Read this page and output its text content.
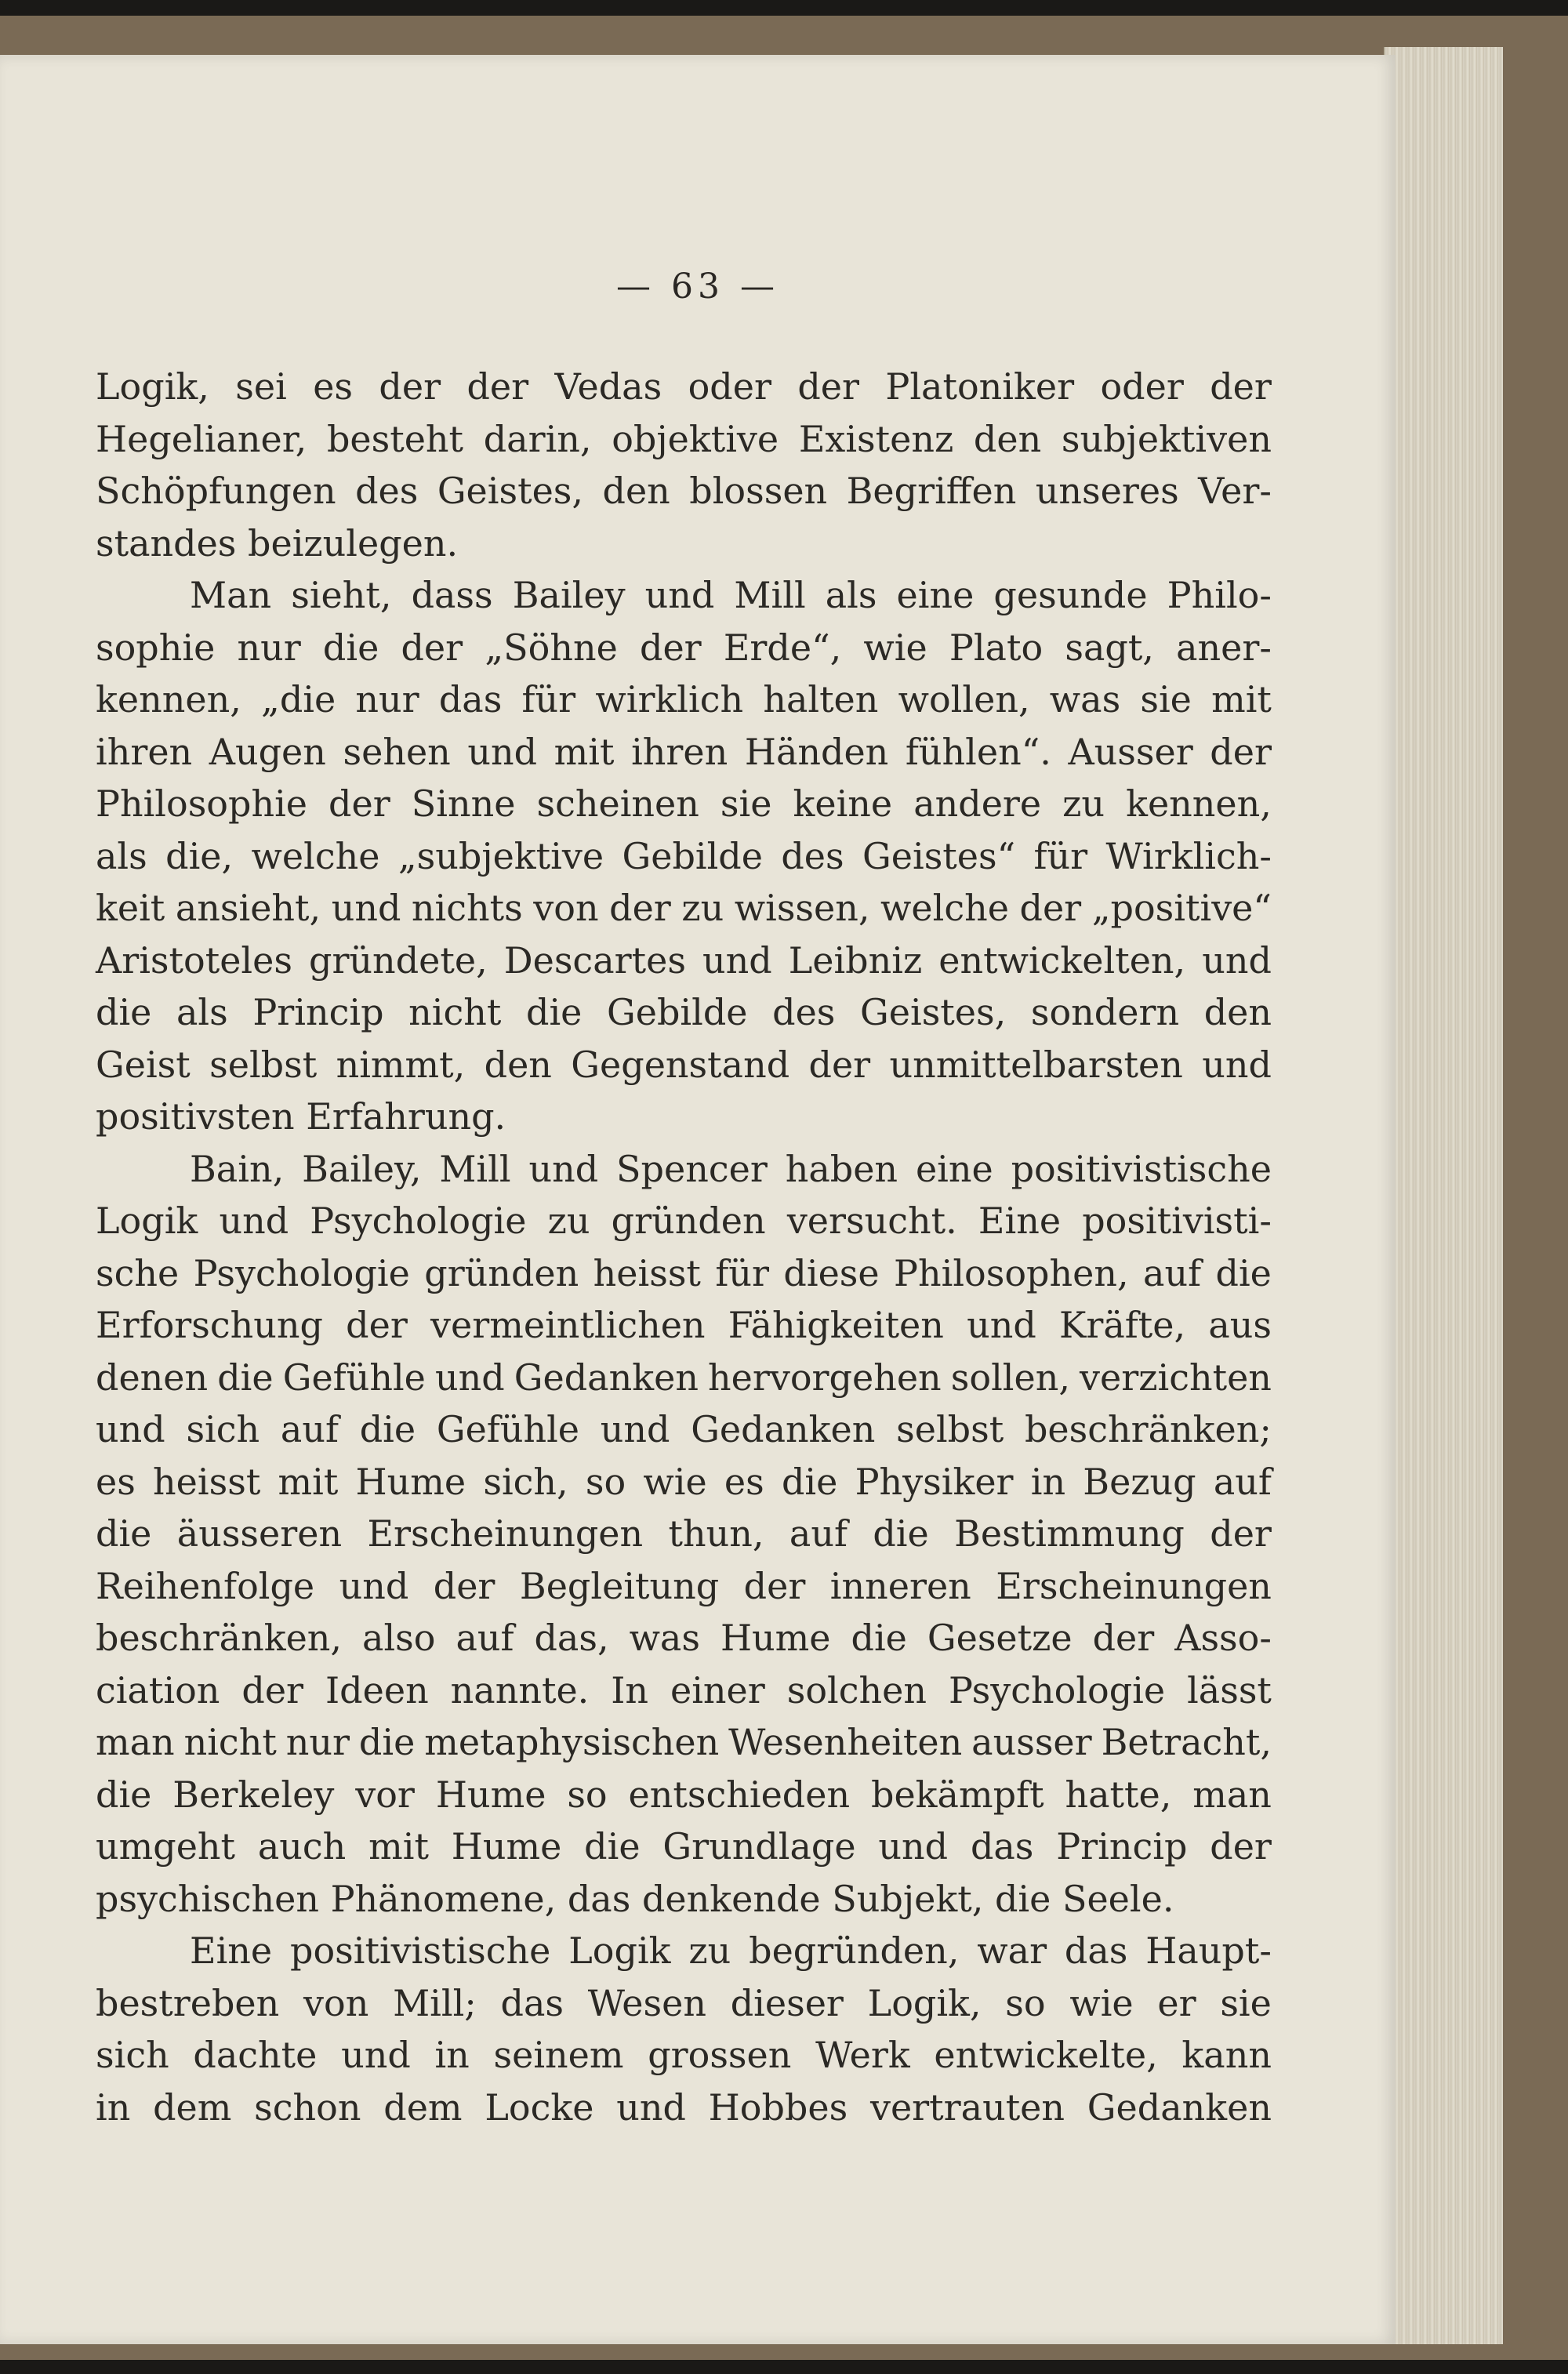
— 63 —
Logik, sei es der der Vedas oder der Platoniker oder der
Hegelianer, besteht darin, objektive Existenz den subjektiven
Schöpfungen des Geistes, den blossen Begriffen unseres Ver-
standes beizulegen.
Man sieht, dass Bailey und Mill als eine gesunde Philo-
sophie nur die der „Söhne der Erde“, wie Plato sagt, aner-
kennen, „die nur das für wirklich halten wollen, was sie mit
ihren Augen sehen und mit ihren Händen fühlen“. Ausser der
Philosophie der Sinne scheinen sie keine andere zu kennen,
als die, welche „subjektive Gebilde des Geistes“ für Wirklich-
keit ansieht, und nichts von der zu wissen, welche der „positive“
Aristoteles gründete, Descartes und Leibniz entwickelten, und
die als Princip nicht die Gebilde des Geistes, sondern den
Geist selbst nimmt, den Gegenstand der unmittelbarsten und
positivsten Erfahrung.
Bain, Bailey, Mill und Spencer haben eine positivistische
Logik und Psychologie zu gründen versucht. Eine positivisti-
sche Psychologie gründen heisst für diese Philosophen, auf die
Erforschung der vermeintlichen Fähigkeiten und Kräfte, aus
denen die Gefühle und Gedanken hervorgehen sollen, verzichten
und sich auf die Gefühle und Gedanken selbst beschränken;
es heisst mit Hume sich, so wie es die Physiker in Bezug auf
die äusseren Erscheinungen thun, auf die Bestimmung der
Reihenfolge und der Begleitung der inneren Erscheinungen
beschränken, also auf das, was Hume die Gesetze der Asso-
ciation der Ideen nannte. In einer solchen Psychologie lässt
man nicht nur die metaphysischen Wesenheiten ausser Betracht,
die Berkeley vor Hume so entschieden bekämpft hatte, man
umgeht auch mit Hume die Grundlage und das Princip der
psychischen Phänomene, das denkende Subjekt, die Seele.
Eine positivistische Logik zu begründen, war das Haupt-
bestreben von Mill; das Wesen dieser Logik, so wie er sie
sich dachte und in seinem grossen Werk entwickelte, kann
in dem schon dem Locke und Hobbes vertrauten Gedanken
